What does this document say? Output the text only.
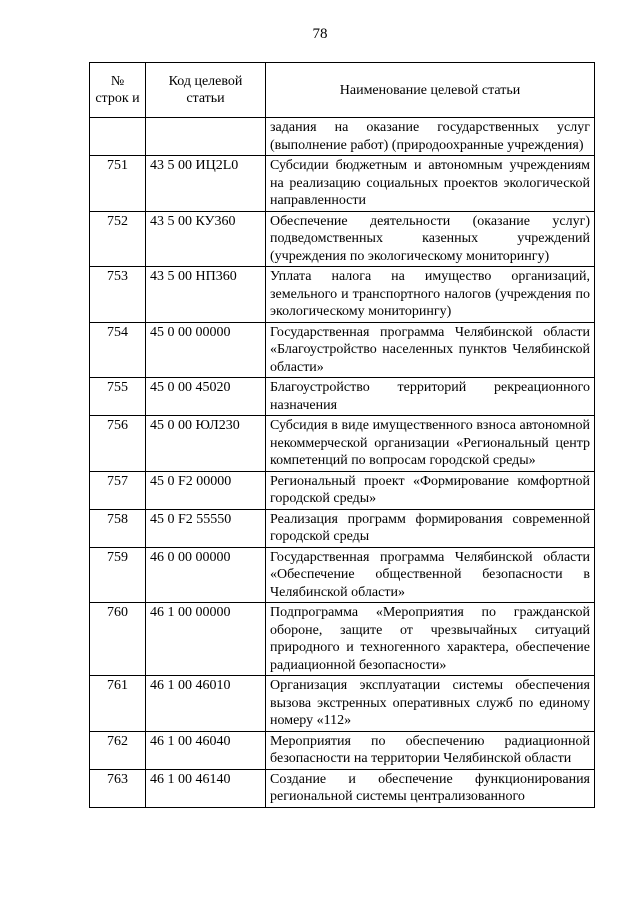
78
№ строк и	Код целевой статьи	Наименование целевой статьи
		задания на оказание государственных услуг (выполнение работ) (природоохранные учреждения)
751	43 5 00 ИЦ2L0	Субсидии бюджетным и автономным учреждениям на реализацию социальных проектов экологической направленности
752	43 5 00 КУ360	Обеспечение деятельности (оказание услуг) подведомственных казенных учреждений (учреждения по экологическому мониторингу)
753	43 5 00 НП360	Уплата налога на имущество организаций, земельного и транспортного налогов (учреждения по экологическому мониторингу)
754	45 0 00 00000	Государственная программа Челябинской области «Благоустройство населенных пунктов Челябинской области»
755	45 0 00 45020	Благоустройство территорий рекреационного назначения
756	45 0 00 ЮЛ230	Субсидия в виде имущественного взноса автономной некоммерческой организации «Региональный центр компетенций по вопросам городской среды»
757	45 0 F2 00000	Региональный проект «Формирование комфортной городской среды»
758	45 0 F2 55550	Реализация программ формирования современной городской среды
759	46 0 00 00000	Государственная программа Челябинской области «Обеспечение общественной безопасности в Челябинской области»
760	46 1 00 00000	Подпрограмма «Мероприятия по гражданской обороне, защите от чрезвычайных ситуаций природного и техногенного характера, обеспечение радиационной безопасности»
761	46 1 00 46010	Организация эксплуатации системы обеспечения вызова экстренных оперативных служб по единому номеру «112»
762	46 1 00 46040	Мероприятия по обеспечению радиационной безопасности на территории Челябинской области
763	46 1 00 46140	Создание и обеспечение функционирования региональной системы централизованного
